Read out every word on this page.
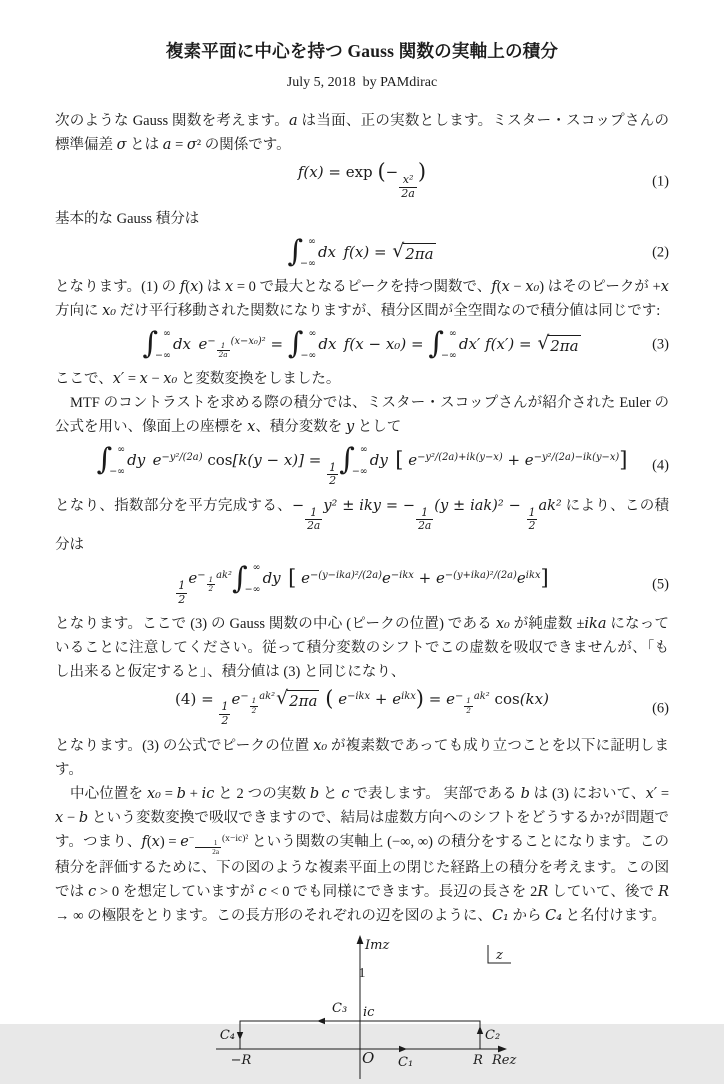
複素平面に中心を持つ Gauss 関数の実軸上の積分
July 5, 2018  by PAMdirac

次のような Gauss 関数を考えます。a は当面、正の実数とします。ミスター・スコップさんの標準偏差 σ とは a = σ² の関係です。

f(x) = exp (−
$\frac{\text{x²}}{2a}$
)	(1)

基本的な Gauss 積分は

∫ ∞
−∞
dx f(x) = √ 2πa	(2)

となります。(1) の f(x) は x = 0 で最大となるピークを持つ関数で、f(x − x₀) はそのピークが +x 方向に x₀ だけ平行移動された関数になりますが、積分区間が全空間なので積分値は同じです:

∫ ∞
−∞
dx $e^{- \frac{1}{2a} (x-x_0)^2}$ = ∫ ∞
−∞
dx f(x − x₀) = ∫ ∞
−∞
dx′ f(x′) = √ 2πa	(3)

ここで、x′ = x − x₀ と変数変換をしました。

MTF のコントラストを求める際の積分では、ミスター・スコップさんが紹介された Euler の公式を用い、像面上の座標を x、積分変数を y として

∫ ∞
−∞
dy $e^{-y^2/(2a)}$ cos[k(y − x)] =
$\frac{1}{2}$ ∫ ∞
−∞
dy [ $e^{-y^2/(2a)+ik(y-x)} + e^{-y^2/(2a)-ik(y-x)}$] (4)

となり、指数部分を平方完成する、−
$\frac{1}{2a}$
y² ± iky = −
$\frac{1}{2a}$
(y ± iak)² −
$\frac{1}{2}$
ak² により、この積分は

$\frac{1}{2}$
$e^{- \frac{1}{2} ak^2}$ ∫ ∞
−∞
dy [ $e^{-(y-ika)^2/(2a)}e^{-ikx} + e^{-(y+ika)^2/(2a)}e^{ikx}$]	(5)

となります。ここで (3) の Gauss 関数の中心 (ピークの位置) である x₀ が純虚数 ±ika になっていることに注意してください。従って積分変数のシフトでこの虚数を吸収できませんが、「もし出来ると仮定すると」、積分値は (3) と同じになり、

(4) =
$\frac{1}{2}$
$e^{- \frac{1}{2} ak^2}$ √ 2πa ( $e^{-ikx} + e^{ikx}) = e^{- \frac{1}{2} ak^2}$ cos(kx)
(6)

となります。(3) の公式でピークの位置 x₀ が複素数であっても成り立つことを以下に証明します。

中心位置を x₀ = b + ic と 2 つの実数 b と c で表します。 実部である b は (3) において、x′ = x − b という変数変換で吸収できますので、結局は虚数方向へのシフトをどうするか?が問題です。つまり、$f(x) = e^{- \frac{1}{2a} (x-ic)^2}$ という関数の実軸上 (−∞, ∞) の積分をすることになります。この積分を評価するために、下の図のような複素平面上の閉じた経路上の積分を考えます。この図では c > 0 を想定していますが c < 0 でも同様にできます。長辺の長さを 2R していて、後で R → ∞ の極限をとります。この長方形のそれぞれの辺を図のように、C₁ から C₄ と名付けます。

z
Imz
Rez
O
ic
C₁
C₂
C₃
C₄
−R	R
1
